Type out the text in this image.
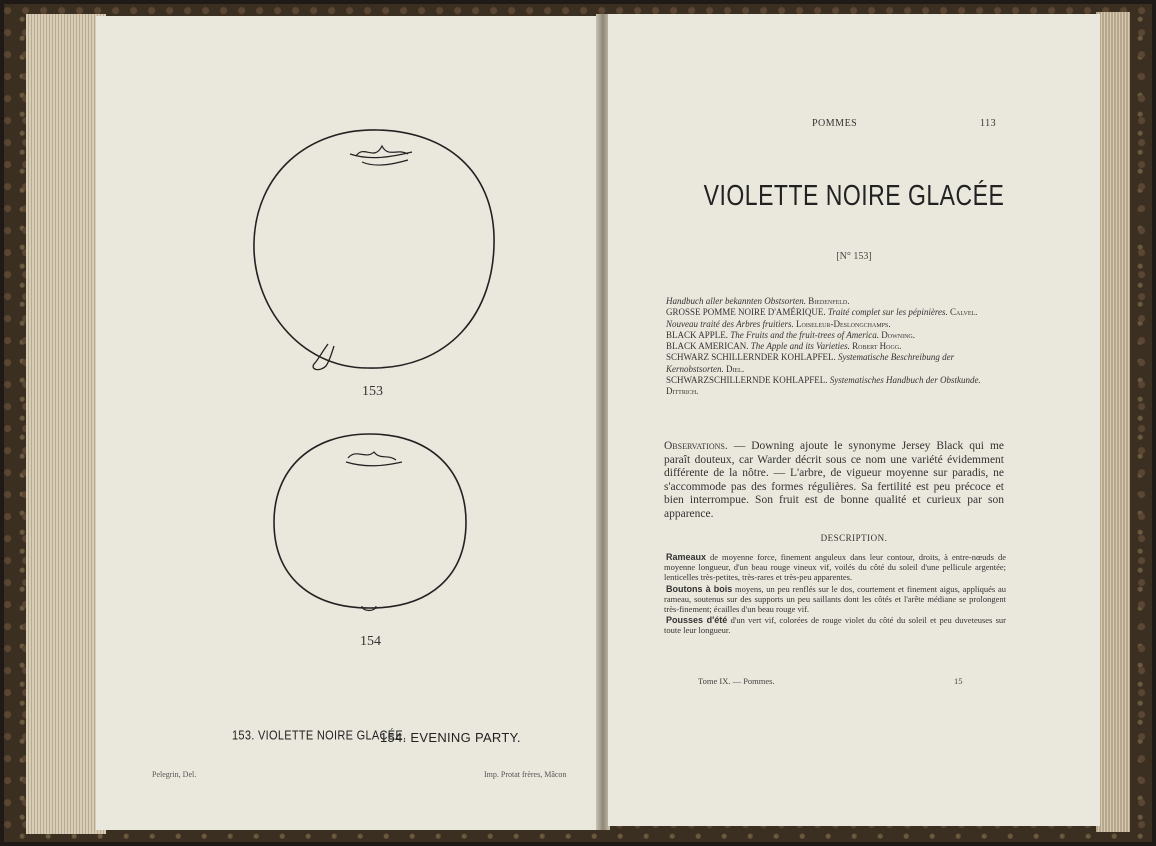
153
154
153. VIOLETTE NOIRE GLACÉE.
154. EVENING PARTY.
Pelegrin, Del.	Imp. Protat frères, Mâcon
POMMES	113
VIOLETTE NOIRE GLACÉE
[N° 153]

Handbuch aller bekannten Obstsorten. Biedenfeld.

GROSSE POMME NOIRE D'AMÉRIQUE. Traité complet sur les pépinières. Calvel.

Nouveau traité des Arbres fruitiers. Loiseleur-Deslongchamps.

BLACK APPLE. The Fruits and the fruit-trees of America. Downing.

BLACK AMERICAN. The Apple and its Varieties. Robert Hogg.

SCHWARZ SCHILLERNDER KOHLAPFEL. Systematische Beschreibung der Kernobstsorten. Diel.

SCHWARZSCHILLERNDE KOHLAPFEL. Systematisches Handbuch der Obstkunde. Dittrich.

Observations. — Downing ajoute le synonyme Jersey Black qui me paraît douteux, car Warder décrit sous ce nom une variété évidemment différente de la nôtre. — L'arbre, de vigueur moyenne sur paradis, ne s'accommode pas des formes régulières. Sa fertilité est peu précoce et bien interrompue. Son fruit est de bonne qualité et curieux par son apparence.
DESCRIPTION.

Rameaux de moyenne force, finement anguleux dans leur contour, droits, à entre-nœuds de moyenne longueur, d'un beau rouge vineux vif, voilés du côté du soleil d'une pellicule argentée; lenticelles très-petites, très-rares et très-peu apparentes.

Boutons à bois moyens, un peu renflés sur le dos, courtement et finement aigus, appliqués au rameau, soutenus sur des supports un peu saillants dont les côtés et l'arête médiane se prolongent très-finement; écailles d'un beau rouge vif.

Pousses d'été d'un vert vif, colorées de rouge violet du côté du soleil et peu duveteuses sur toute leur longueur.

Tome IX. — Pommes.	15
